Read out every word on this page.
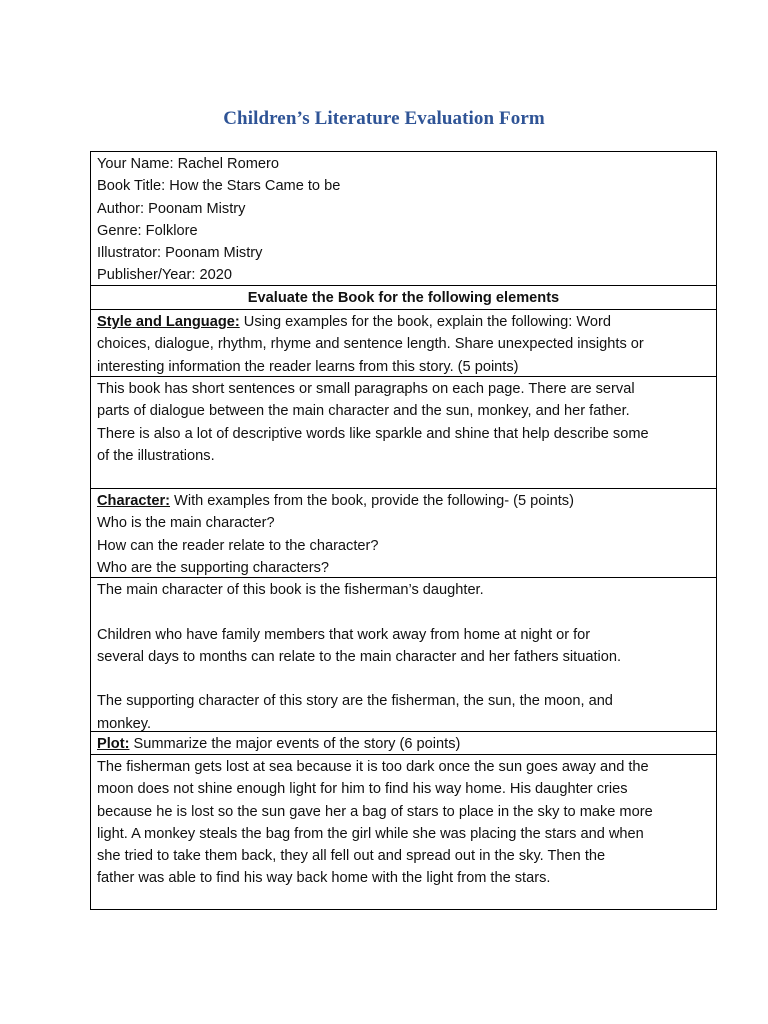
Children’s Literature Evaluation Form
Your Name: Rachel Romero
Book Title: How the Stars Came to be
Author: Poonam Mistry
Genre: Folklore
Illustrator: Poonam Mistry
Publisher/Year: 2020
Evaluate the Book for the following elements
Style and Language: Using examples for the book, explain the following: Word
choices, dialogue, rhythm, rhyme and sentence length. Share unexpected insights or
interesting information the reader learns from this story. (5 points)
This book has short sentences or small paragraphs on each page. There are serval
parts of dialogue between the main character and the sun, monkey, and her father.
There is also a lot of descriptive words like sparkle and shine that help describe some
of the illustrations.
Character: With examples from the book, provide the following- (5 points)
Who is the main character?
How can the reader relate to the character?
Who are the supporting characters?
The main character of this book is the fisherman’s daughter.
Children who have family members that work away from home at night or for
several days to months can relate to the main character and her fathers situation.
The supporting character of this story are the fisherman, the sun, the moon, and
monkey.
Plot: Summarize the major events of the story (6 points)
The fisherman gets lost at sea because it is too dark once the sun goes away and the
moon does not shine enough light for him to find his way home. His daughter cries
because he is lost so the sun gave her a bag of stars to place in the sky to make more
light. A monkey steals the bag from the girl while she was placing the stars and when
she tried to take them back, they all fell out and spread out in the sky. Then the
father was able to find his way back home with the light from the stars.
